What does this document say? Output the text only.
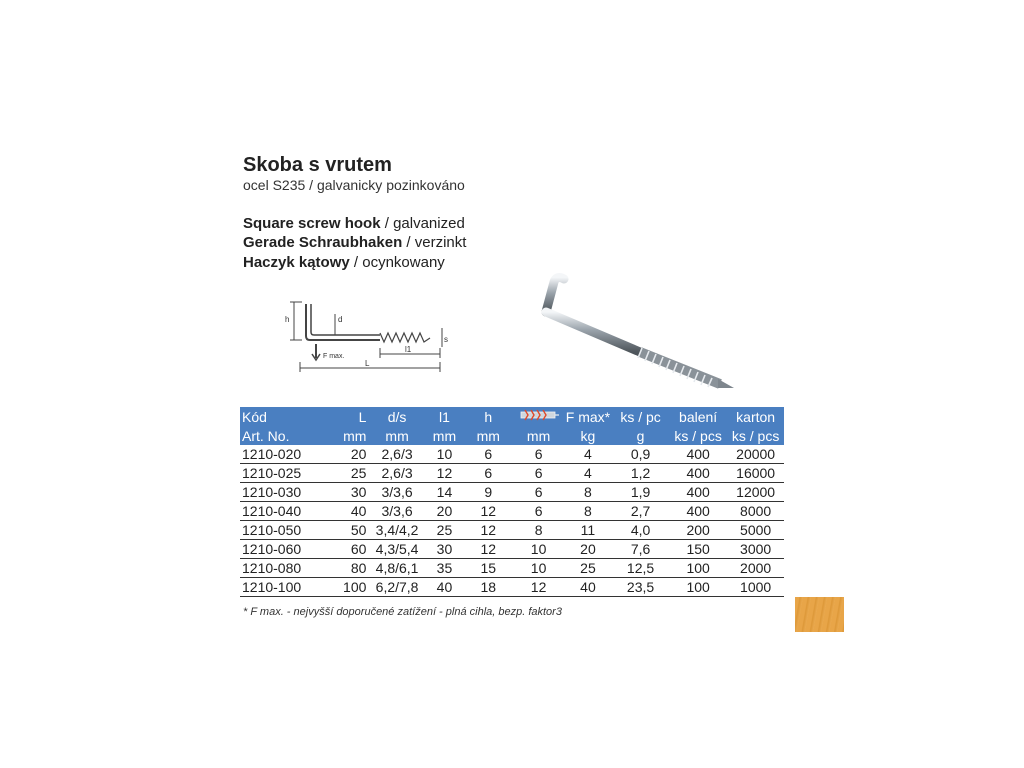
Skoba s vrutem
ocel S235 / galvanicky pozinkováno
Square screw hook / galvanized
Gerade Schraubhaken / verzinkt
Haczyk kątowy / ocynkowany
h	d
s
l1
L
F max.
Kód	L	d/s	l1	h		F max*	ks / pc	balení	karton
Art. No.	mm	mm	mm	mm	mm	kg	g	ks / pcs	ks / pcs
1210-020	20	2,6/3	10	6	6	4	0,9	400	20000
1210-025	25	2,6/3	12	6	6	4	1,2	400	16000
1210-030	30	3/3,6	14	9	6	8	1,9	400	12000
1210-040	40	3/3,6	20	12	6	8	2,7	400	8000
1210-050	50	3,4/4,2	25	12	8	11	4,0	200	5000
1210-060	60	4,3/5,4	30	12	10	20	7,6	150	3000
1210-080	80	4,8/6,1	35	15	10	25	12,5	100	2000
1210-100	100	6,2/7,8	40	18	12	40	23,5	100	1000
* F max. - nejvyšší doporučené zatížení - plná cihla, bezp. faktor3
